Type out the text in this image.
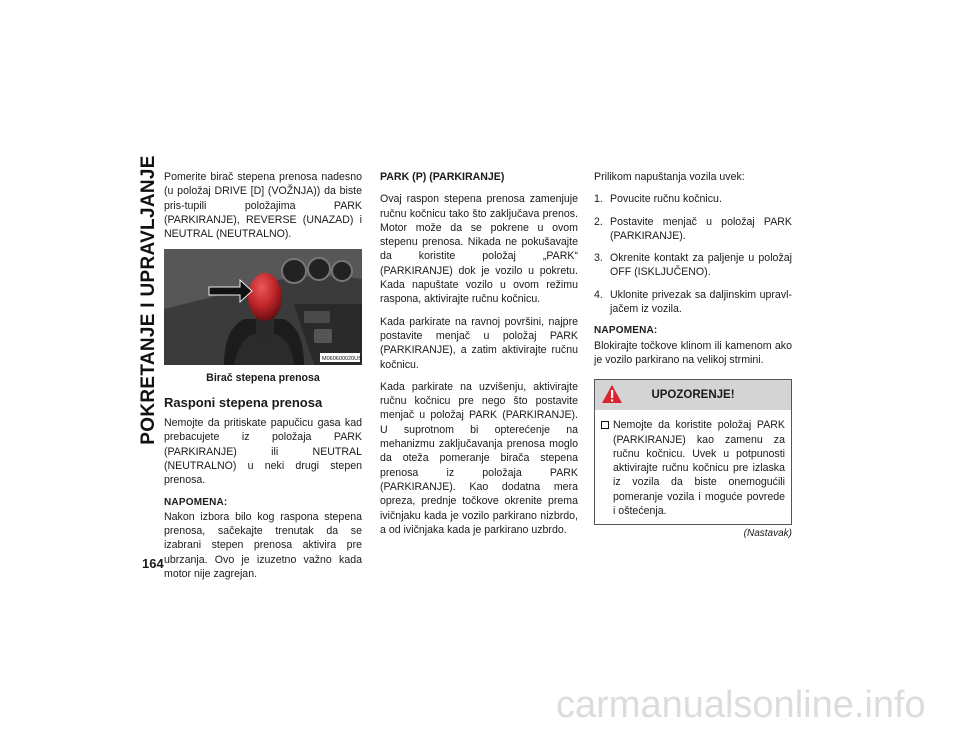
POKRETANJE I UPRAVLJANJE Pomerite birač stepena prenosa nadesno (u položaj DRIVE [D] (VOŽNJA)) da biste pris-tupili položajima PARK (PARKIRANJE), REVERSE (UNAZAD) i NEUTRAL (NEUTRALNO).

M060600020US
Birač stepena prenosa
Rasponi stepena prenosa

Nemojte da pritiskate papučicu gasa kad prebacujete iz položaja PARK (PARKIRANJE) ili NEUTRAL (NEUTRALNO) u neki drugi stepen prenosa.

NAPOMENA:

Nakon izbora bilo kog raspona stepena prenosa, sačekajte trenutak da se izabrani stepen prenosa aktivira pre ubrzanja. Ovo je izuzetno važno kada motor nije zagrejan.

PARK (P) (PARKIRANJE)

Ovaj raspon stepena prenosa zamenjuje ručnu kočnicu tako što zaključava prenos. Motor može da se pokrene u ovom stepenu prenosa. Nikada ne pokušavajte da koristite položaj „PARK“ (PARKIRANJE) dok je vozilo u pokretu. Kada napuštate vozilo u ovom režimu raspona, aktivirajte ručnu kočnicu.

Kada parkirate na ravnoj površini, najpre postavite menjač u položaj PARK (PARKIRANJE), a zatim aktivirajte ručnu kočnicu.

Kada parkirate na uzvišenju, aktivirajte ručnu kočnicu pre nego što postavite menjač u položaj PARK (PARKIRANJE). U suprotnom bi opterećenje na mehanizmu zaključavanja prenosa moglo da oteža pomeranje birača stepena prenosa iz položaja PARK (PARKIRANJE). Kao dodatna mera opreza, prednje točkove okrenite prema ivičnjaku kada je vozilo parkirano nizbrdo, a od ivičnjaka kada je parkirano uzbrdo.

Prilikom napuštanja vozila uvek:

1. Povucite ručnu kočnicu.
2. Postavite menjač u položaj PARK (PARKIRANJE).
3. Okrenite kontakt za paljenje u položaj OFF (ISKLJUČENO).
4. Uklonite privezak sa daljinskim upravl-jačem iz vozila.
NAPOMENA:

Blokirajte točkove klinom ili kamenom ako je vozilo parkirano na velikoj strmini.

UPOZORENJE!
Nemojte da koristite položaj PARK (PARKIRANJE) kao zamenu za ručnu kočnicu. Uvek u potpunosti aktivirajte ručnu kočnicu pre izlaska iz vozila da biste onemogućili pomeranje vozila i moguće povrede i oštećenja.
(Nastavak)
164
carmanualsonline.info
